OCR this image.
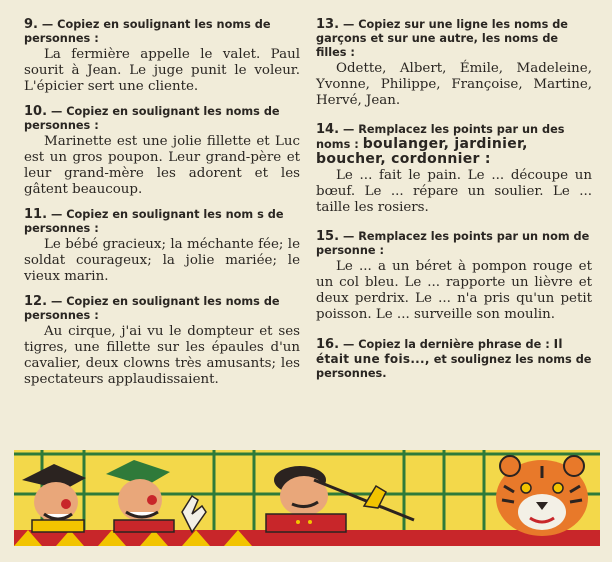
9. — Copiez en soulignant les noms de personnes :

La fermière appelle le valet. Paul sourit à Jean. Le juge punit le voleur. L'épicier sert une cliente.

10. — Copiez en soulignant les noms de personnes :

Marinette est une jolie fillette et Luc est un gros poupon. Leur grand-père et leur grand-mère les adorent et les gâtent beaucoup.

11. — Copiez en soulignant les nom s de personnes :

Le bébé gracieux; la méchante fée; le soldat courageux; la jolie mariée; le vieux marin.

12. — Copiez en soulignant les noms de personnes :

Au cirque, j'ai vu le dompteur et ses tigres, une fillette sur les épaules d'un cavalier, deux clowns très amusants; les spectateurs applaudissaient.

13. — Copiez sur une ligne les noms de garçons et sur une autre, les noms de filles :

Odette, Albert, Émile, Madeleine, Yvonne, Philippe, Françoise, Martine, Hervé, Jean.

14. — Remplacez les points par un des noms : boulanger, jardinier, boucher, cordonnier :

Le ... fait le pain. Le ... découpe un bœuf. Le ... répare un soulier. Le ... taille les rosiers.

15. — Remplacez les points par un nom de personne :

Le ... a un béret à pompon rouge et un col bleu. Le ... rapporte un lièvre et deux perdrix. Le ... n'a pris qu'un petit poisson. Le ... surveille son moulin.

16. — Copiez la dernière phrase de : Il était une fois..., et soulignez les noms de personnes.
